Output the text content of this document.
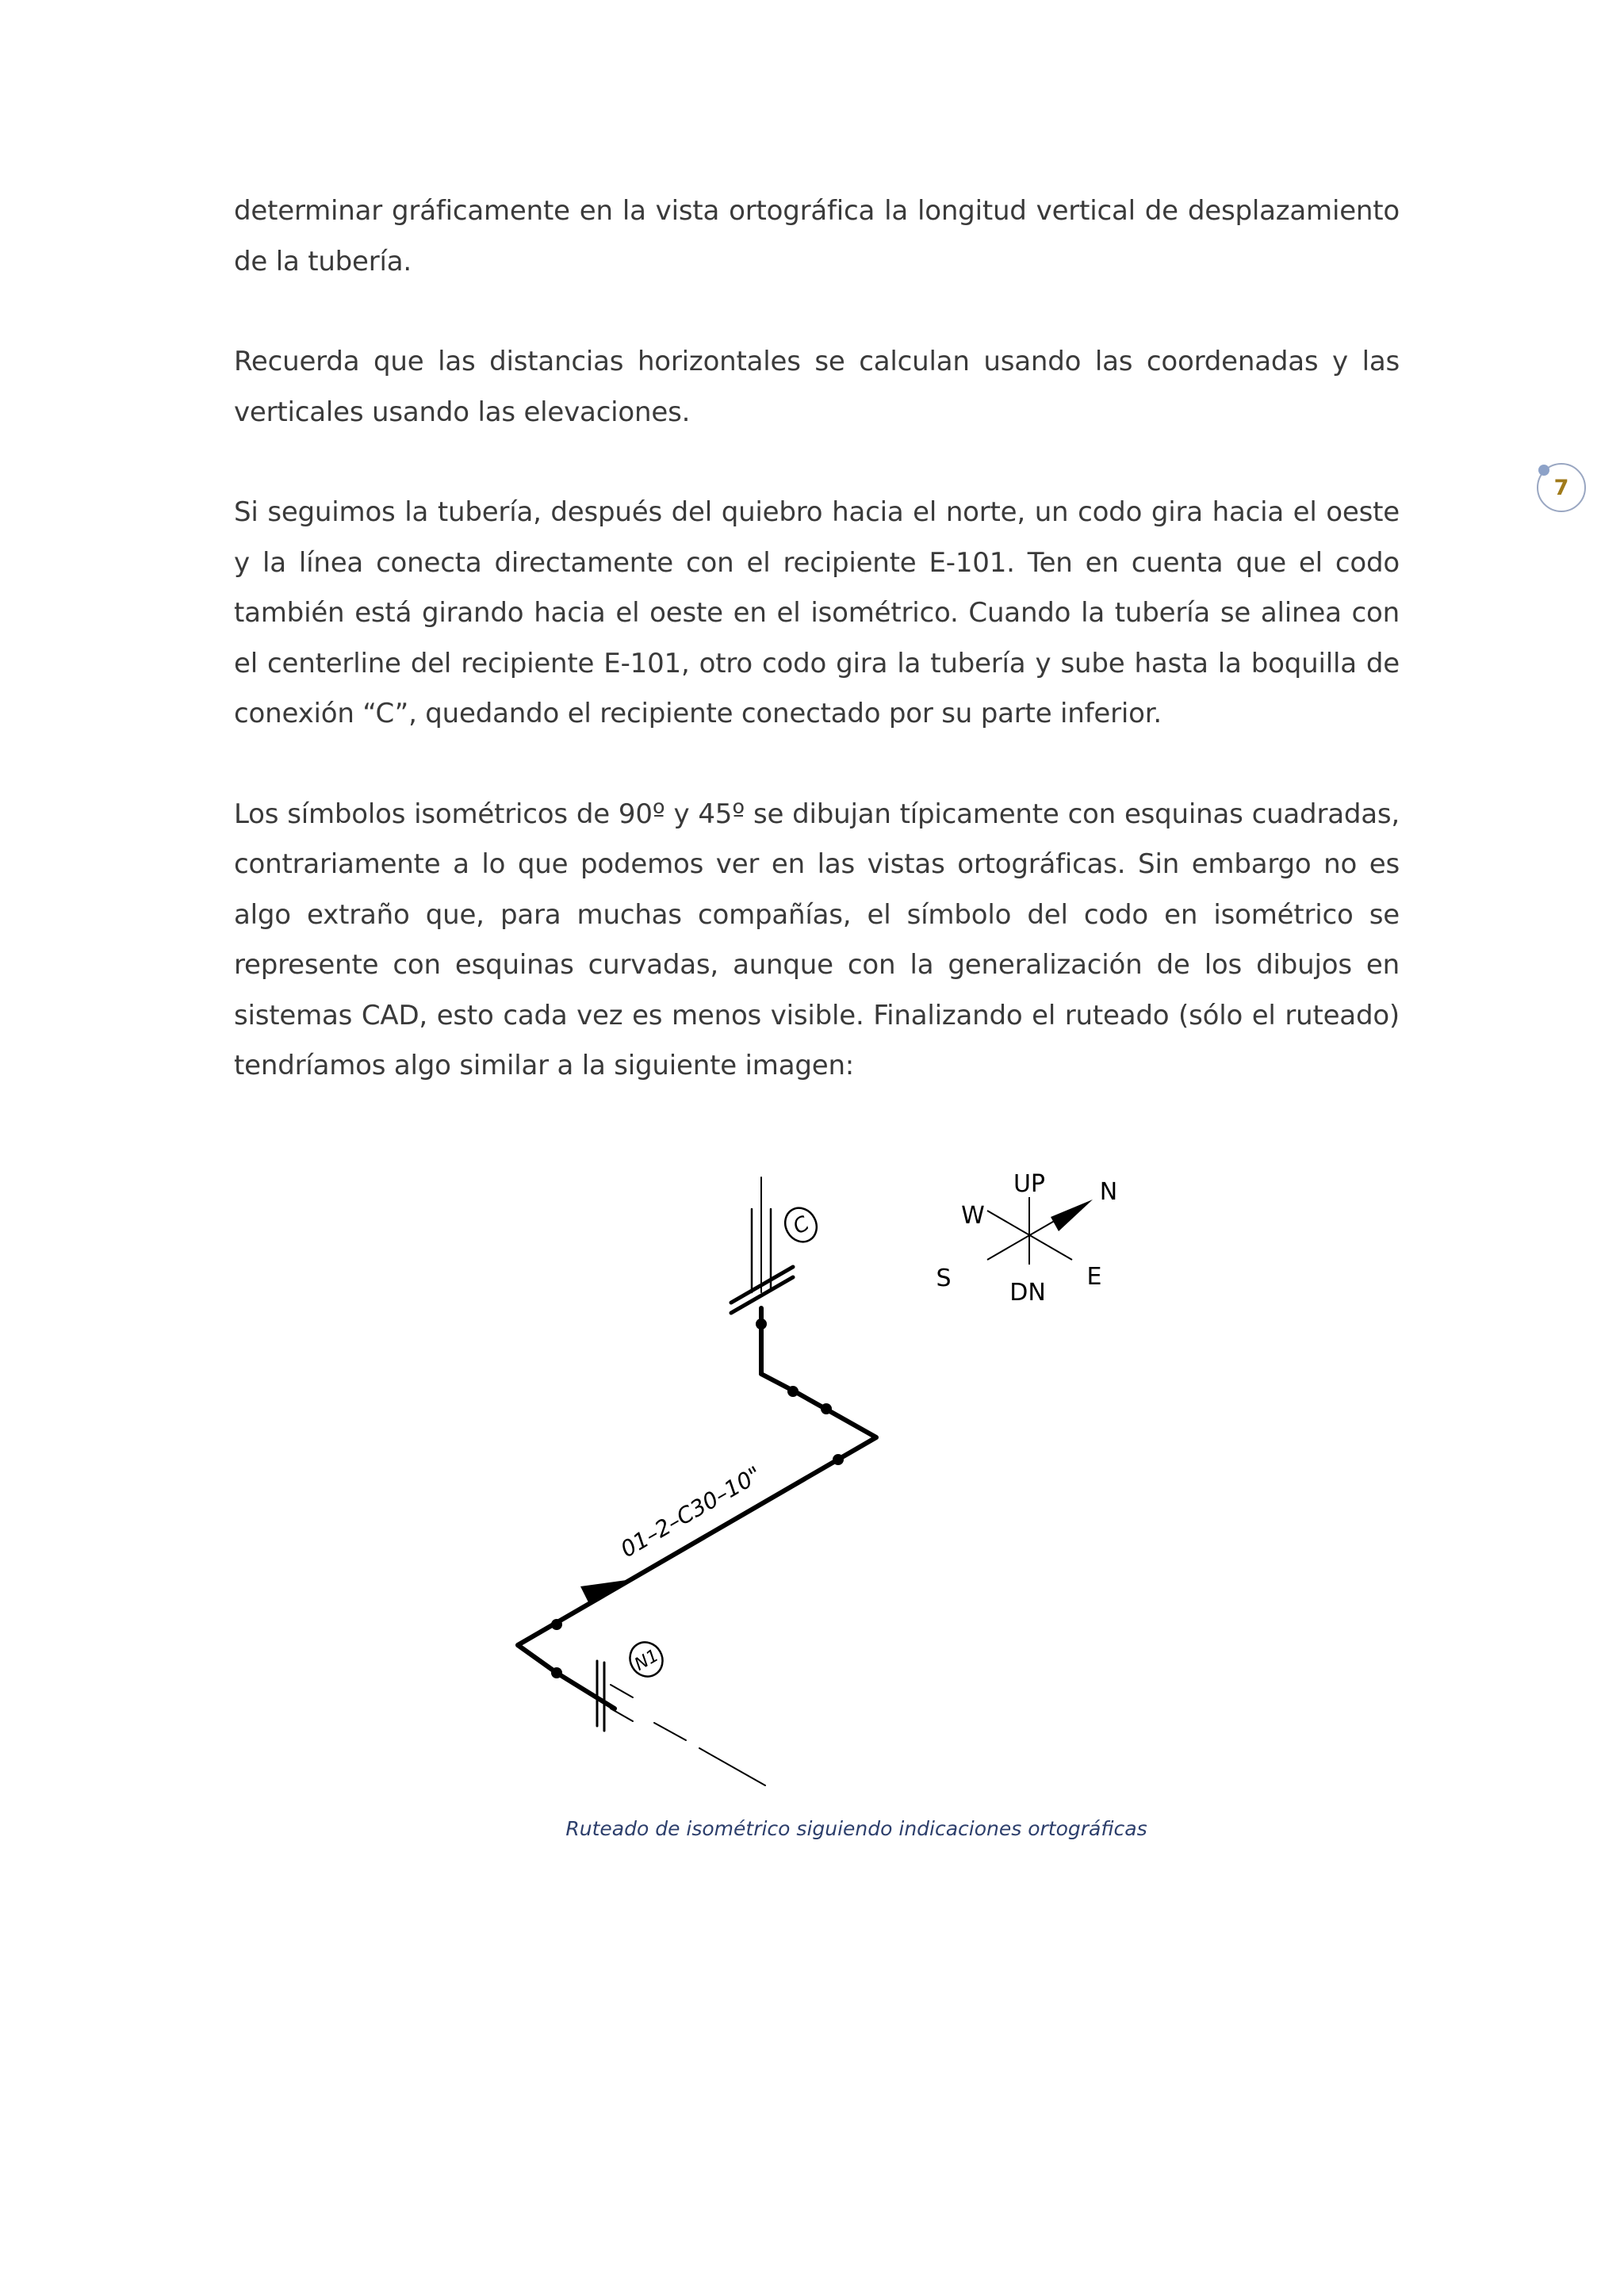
determinar gráficamente en la vista ortográfica la longitud vertical de desplazamiento de la tubería.

Recuerda que las distancias horizontales se calculan usando las coordenadas y las verticales usando las elevaciones.

Si seguimos la tubería, después del quiebro hacia el norte, un codo gira hacia el oeste y la línea conecta directamente con el recipiente E-101. Ten en cuenta que el codo también está girando hacia el oeste en el isométrico. Cuando la tubería se alinea con el centerline del recipiente E-101, otro codo gira la tubería y sube hasta la boquilla de conexión “C”, quedando el recipiente conectado por su parte inferior.

Los símbolos isométricos de 90º y 45º se dibujan típicamente con esquinas cuadradas, contrariamente a lo que podemos ver en las vistas ortográficas. Sin embargo no es algo extraño que, para muchas compañías, el símbolo del codo en isométrico se represente con esquinas curvadas, aunque con la generalización de los dibujos en sistemas CAD, esto cada vez es menos visible. Finalizando el ruteado (sólo el ruteado) tendríamos algo similar a la siguiente imagen:

7
C
N1
01–2–C30–10"
UP N
W
S	E
DN
Ruteado de isométrico siguiendo indicaciones ortográficas
